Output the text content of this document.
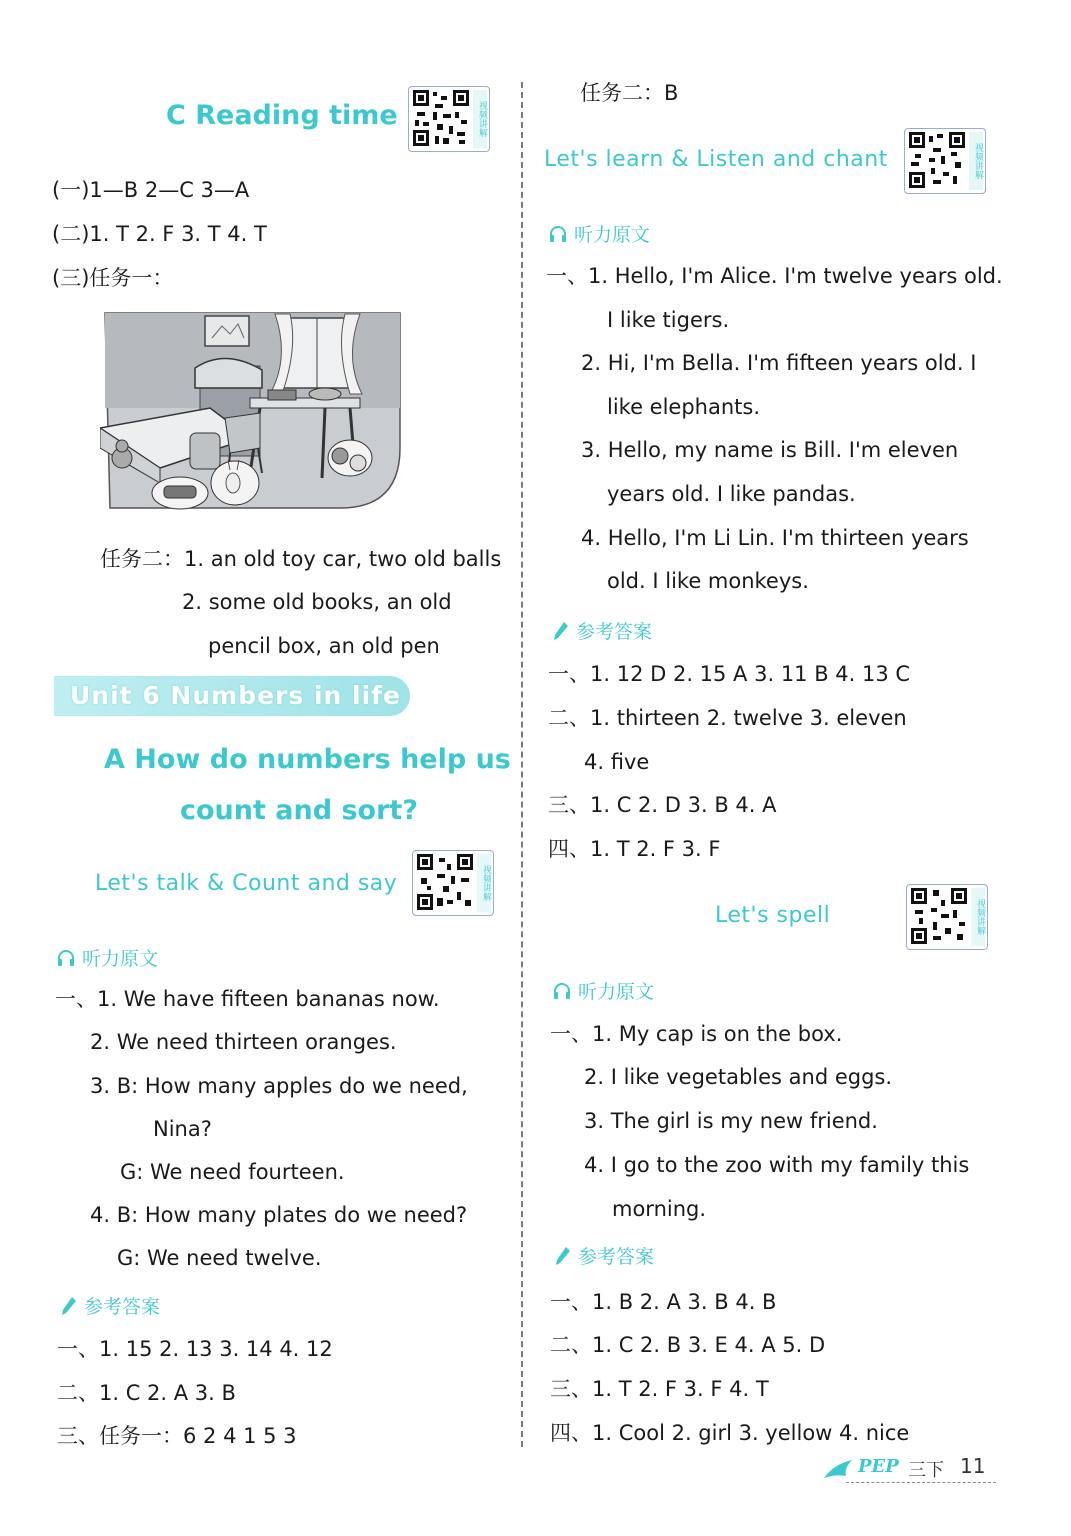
C Reading time	视频讲解
(一)1—B 2—C 3—A
(二)1. T 2. F 3. T 4. T
(三)任务一：
任务二：1. an old toy car, two old balls
2. some old books, an old
pencil box, an old pen
Unit 6 Numbers in life
A How do numbers help us
count and sort?
Let's talk & Count and say	视频讲解
听力原文
一、1. We have fifteen bananas now.
2. We need thirteen oranges.
3. B: How many apples do we need,
Nina?
G: We need fourteen.
4. B: How many plates do we need?
G: We need twelve.
参考答案
一、1. 15 2. 13 3. 14 4. 12
二、1. C 2. A 3. B
三、任务一：6 2 4 1 5 3
任务二：B
Let's learn & Listen and chant	视频讲解
听力原文
一、1. Hello, I'm Alice. I'm twelve years old.
I like tigers.
2. Hi, I'm Bella. I'm fifteen years old. I
like elephants.
3. Hello, my name is Bill. I'm eleven
years old. I like pandas.
4. Hello, I'm Li Lin. I'm thirteen years
old. I like monkeys.
参考答案
一、1. 12 D 2. 15 A 3. 11 B 4. 13 C
二、1. thirteen 2. twelve 3. eleven
4. five
三、1. C 2. D 3. B 4. A
四、1. T 2. F 3. F
Let's spell	视频讲解
听力原文
一、1. My cap is on the box.
2. I like vegetables and eggs.
3. The girl is my new friend.
4. I go to the zoo with my family this
morning.
参考答案
一、1. B 2. A 3. B 4. B
二、1. C 2. B 3. E 4. A 5. D
三、1. T 2. F 3. F 4. T
四、1. Cool 2. girl 3. yellow 4. nice
PEP 三下 11
